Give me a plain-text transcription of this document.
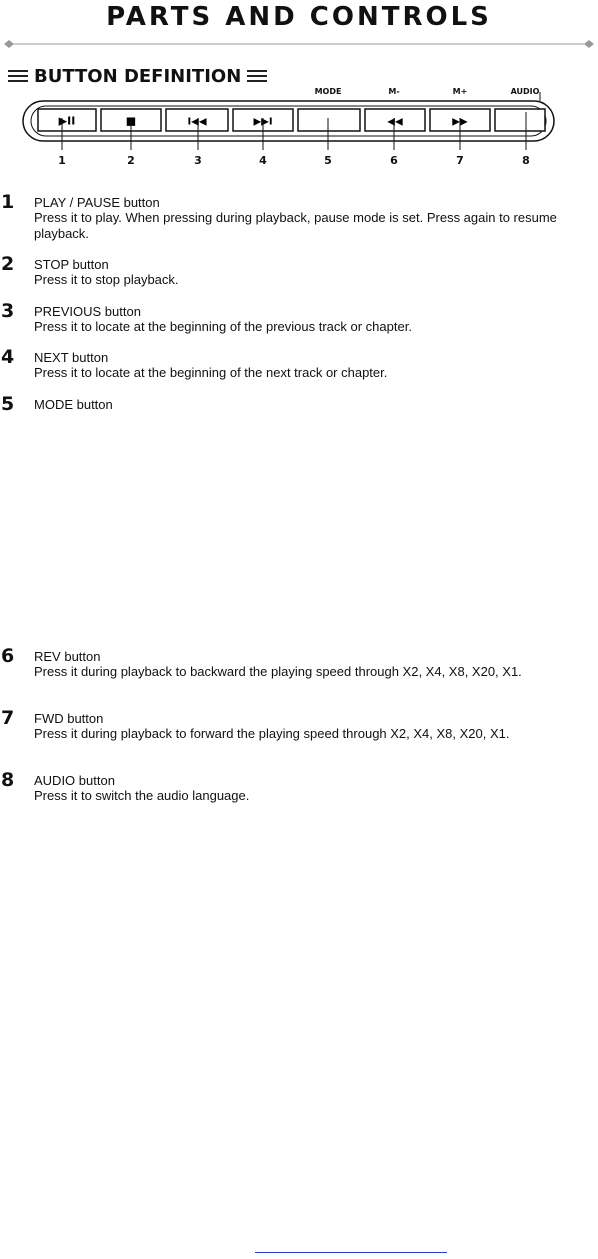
PARTS AND CONTROLS
BUTTON DEFINITION
MODE	M-	M+	AUDIO
▶II	■	I◀◀	▶▶I	◀◀	▶▶
1	2	3	4	5	6	7	8
1 PLAY / PAUSE button
Press it to play. When pressing during playback, pause mode is set. Press again to resume playback.
2 STOP button
Press it to stop playback.
3 PREVIOUS button
Press it to locate at the beginning of the previous track or chapter.
4 NEXT button
Press it to locate at the beginning of the next track or chapter.
5 MODE button
6 REV button
Press it during playback to backward the playing speed through X2, X4, X8, X20, X1.
7 FWD button
Press it during playback to forward the playing speed through X2, X4, X8, X20, X1.
8 AUDIO button
Press it to switch the audio language.
